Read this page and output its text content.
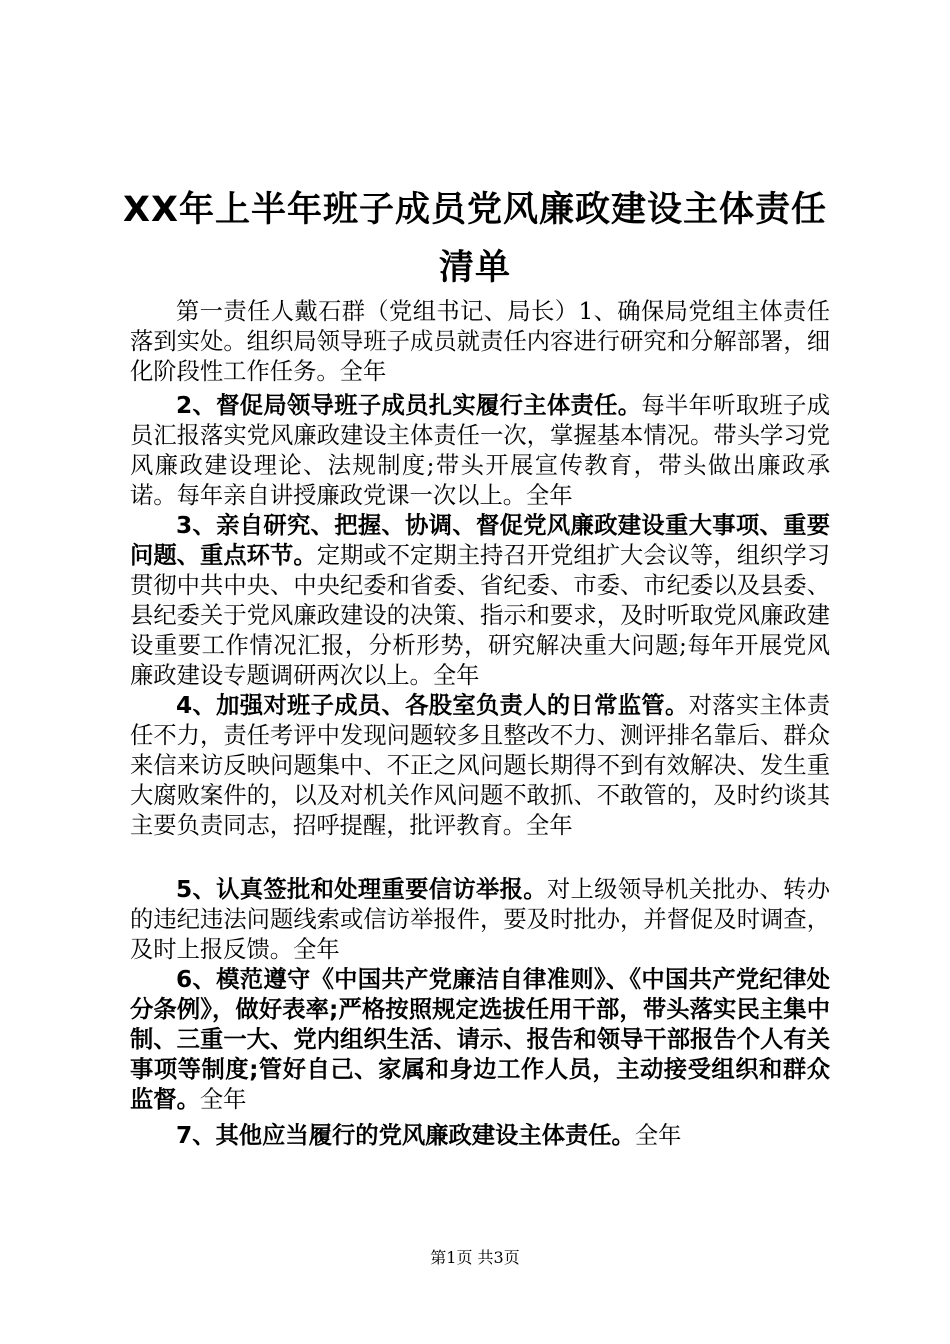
XX年上半年班子成员党风廉政建设主体责任
清单

第一责任人戴石群（党组书记、局长）1、确保局党组主体责任落到实处。组织局领导班子成员就责任内容进行研究和分解部署，细化阶段性工作任务。全年

2、督促局领导班子成员扎实履行主体责任。每半年听取班子成员汇报落实党风廉政建设主体责任一次，掌握基本情况。带头学习党风廉政建设理论、法规制度;带头开展宣传教育，带头做出廉政承诺。每年亲自讲授廉政党课一次以上。全年

3、亲自研究、把握、协调、督促党风廉政建设重大事项、重要问题、重点环节。定期或不定期主持召开党组扩大会议等，组织学习贯彻中共中央、中央纪委和省委、省纪委、市委、市纪委以及县委、县纪委关于党风廉政建设的决策、指示和要求，及时听取党风廉政建设重要工作情况汇报，分析形势，研究解决重大问题;每年开展党风廉政建设专题调研两次以上。全年

4、加强对班子成员、各股室负责人的日常监管。对落实主体责任不力，责任考评中发现问题较多且整改不力、测评排名靠后、群众来信来访反映问题集中、不正之风问题长期得不到有效解决、发生重大腐败案件的，以及对机关作风问题不敢抓、不敢管的，及时约谈其主要负责同志，招呼提醒，批评教育。全年

5、认真签批和处理重要信访举报。对上级领导机关批办、转办的违纪违法问题线索或信访举报件，要及时批办，并督促及时调查，及时上报反馈。全年

6、模范遵守《中国共产党廉洁自律准则》、《中国共产党纪律处分条例》，做好表率;严格按照规定选拔任用干部，带头落实民主集中制、三重一大、党内组织生活、请示、报告和领导干部报告个人有关事项等制度;管好自己、家属和身边工作人员，主动接受组织和群众监督。全年

7、其他应当履行的党风廉政建设主体责任。全年

第1页 共3页
